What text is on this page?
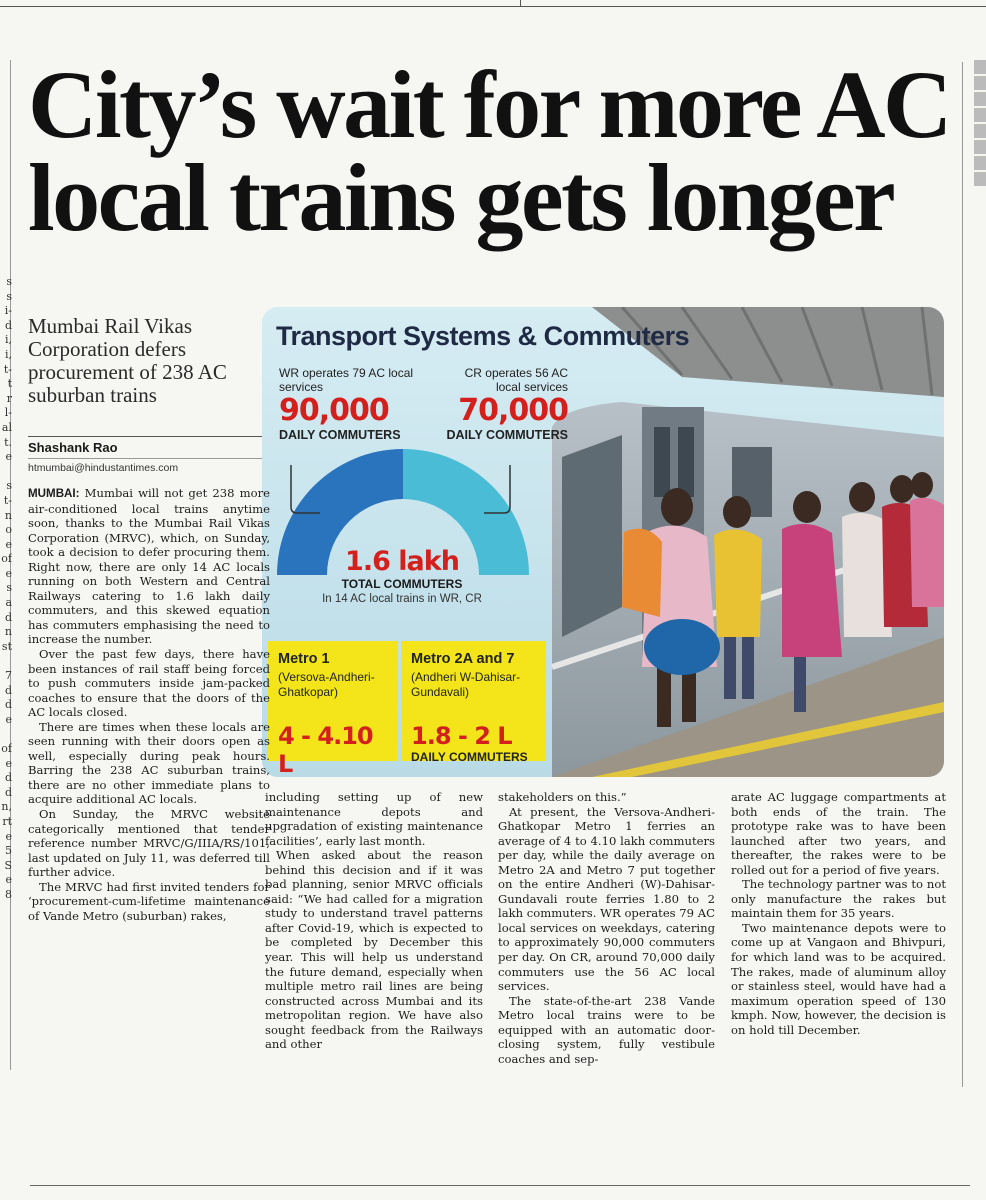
s
s
i-
d
i,
i,
t-
t
r
l-
al
t.
e

s
t-
n
o
e
of
e
s
a
d
n
st

7
d
d
e

of
e
d
d
n,
rt
e
5
S
e
8
City’s wait for more AC
local trains gets longer
Mumbai Rail Vikas Corporation defers procurement of 238 AC suburban trains
Shashank Rao
htmumbai@hindustantimes.com
Transport Systems & Commuters
WR operates 79 AC local services
90,000
DAILY COMMUTERS
CR operates 56 AC local services
70,000
DAILY COMMUTERS
1.6 lakh
TOTAL COMMUTERS
In 14 AC local trains in WR, CR
Metro 1
(Versova-Andheri-Ghatkopar)
4 - 4.10 L
Metro 2A and 7
(Andheri W-Dahisar-Gundavali)
1.8 - 2 L
DAILY COMMUTERS

MUMBAI: Mumbai will not get 238 more air-conditioned local trains anytime soon, thanks to the Mumbai Rail Vikas Corporation (MRVC), which, on Sunday, took a decision to defer procuring them. Right now, there are only 14 AC locals running on both Western and Central Railways catering to 1.6 lakh daily commuters, and this skewed equation has commuters emphasising the need to increase the number.

Over the past few days, there have been instances of rail staff being forced to push commuters inside jam-packed coaches to ensure that the doors of the AC locals closed.

There are times when these locals are seen running with their doors open as well, especially during peak hours. Barring the 238 AC suburban trains, there are no other immediate plans to acquire additional AC locals.

On Sunday, the MRVC website categorically mentioned that tender reference number MRVC/G/IIIA/RS/101, last updated on July 11, was deferred till further advice.

The MRVC had first invited tenders for ‘procurement-cum-lifetime maintenance of Vande Metro (suburban) rakes,

including setting up of new maintenance depots and upgradation of existing maintenance facilities’, early last month.

When asked about the reason behind this decision and if it was bad planning, senior MRVC officials said: “We had called for a migration study to understand travel patterns after Covid-19, which is expected to be completed by December this year. This will help us understand the future demand, especially when multiple metro rail lines are being constructed across Mumbai and its metropolitan region. We have also sought feedback from the Railways and other

stakeholders on this.”

At present, the Versova-Andheri-Ghatkopar Metro 1 ferries an average of 4 to 4.10 lakh commuters per day, while the daily average on Metro 2A and Metro 7 put together on the entire Andheri (W)-Dahisar-Gundavali route ferries 1.80 to 2 lakh commuters. WR operates 79 AC local services on weekdays, catering to approximately 90,000 commuters per day. On CR, around 70,000 daily commuters use the 56 AC local services.

The state-of-the-art 238 Vande Metro local trains were to be equipped with an automatic door-closing system, fully vestibule coaches and sep-

arate AC luggage compartments at both ends of the train. The prototype rake was to have been launched after two years, and thereafter, the rakes were to be rolled out for a period of five years.

The technology partner was to not only manufacture the rakes but maintain them for 35 years.

Two maintenance depots were to come up at Vangaon and Bhivpuri, for which land was to be acquired. The rakes, made of aluminum alloy or stainless steel, would have had a maximum operation speed of 130 kmph. Now, however, the decision is on hold till December.
